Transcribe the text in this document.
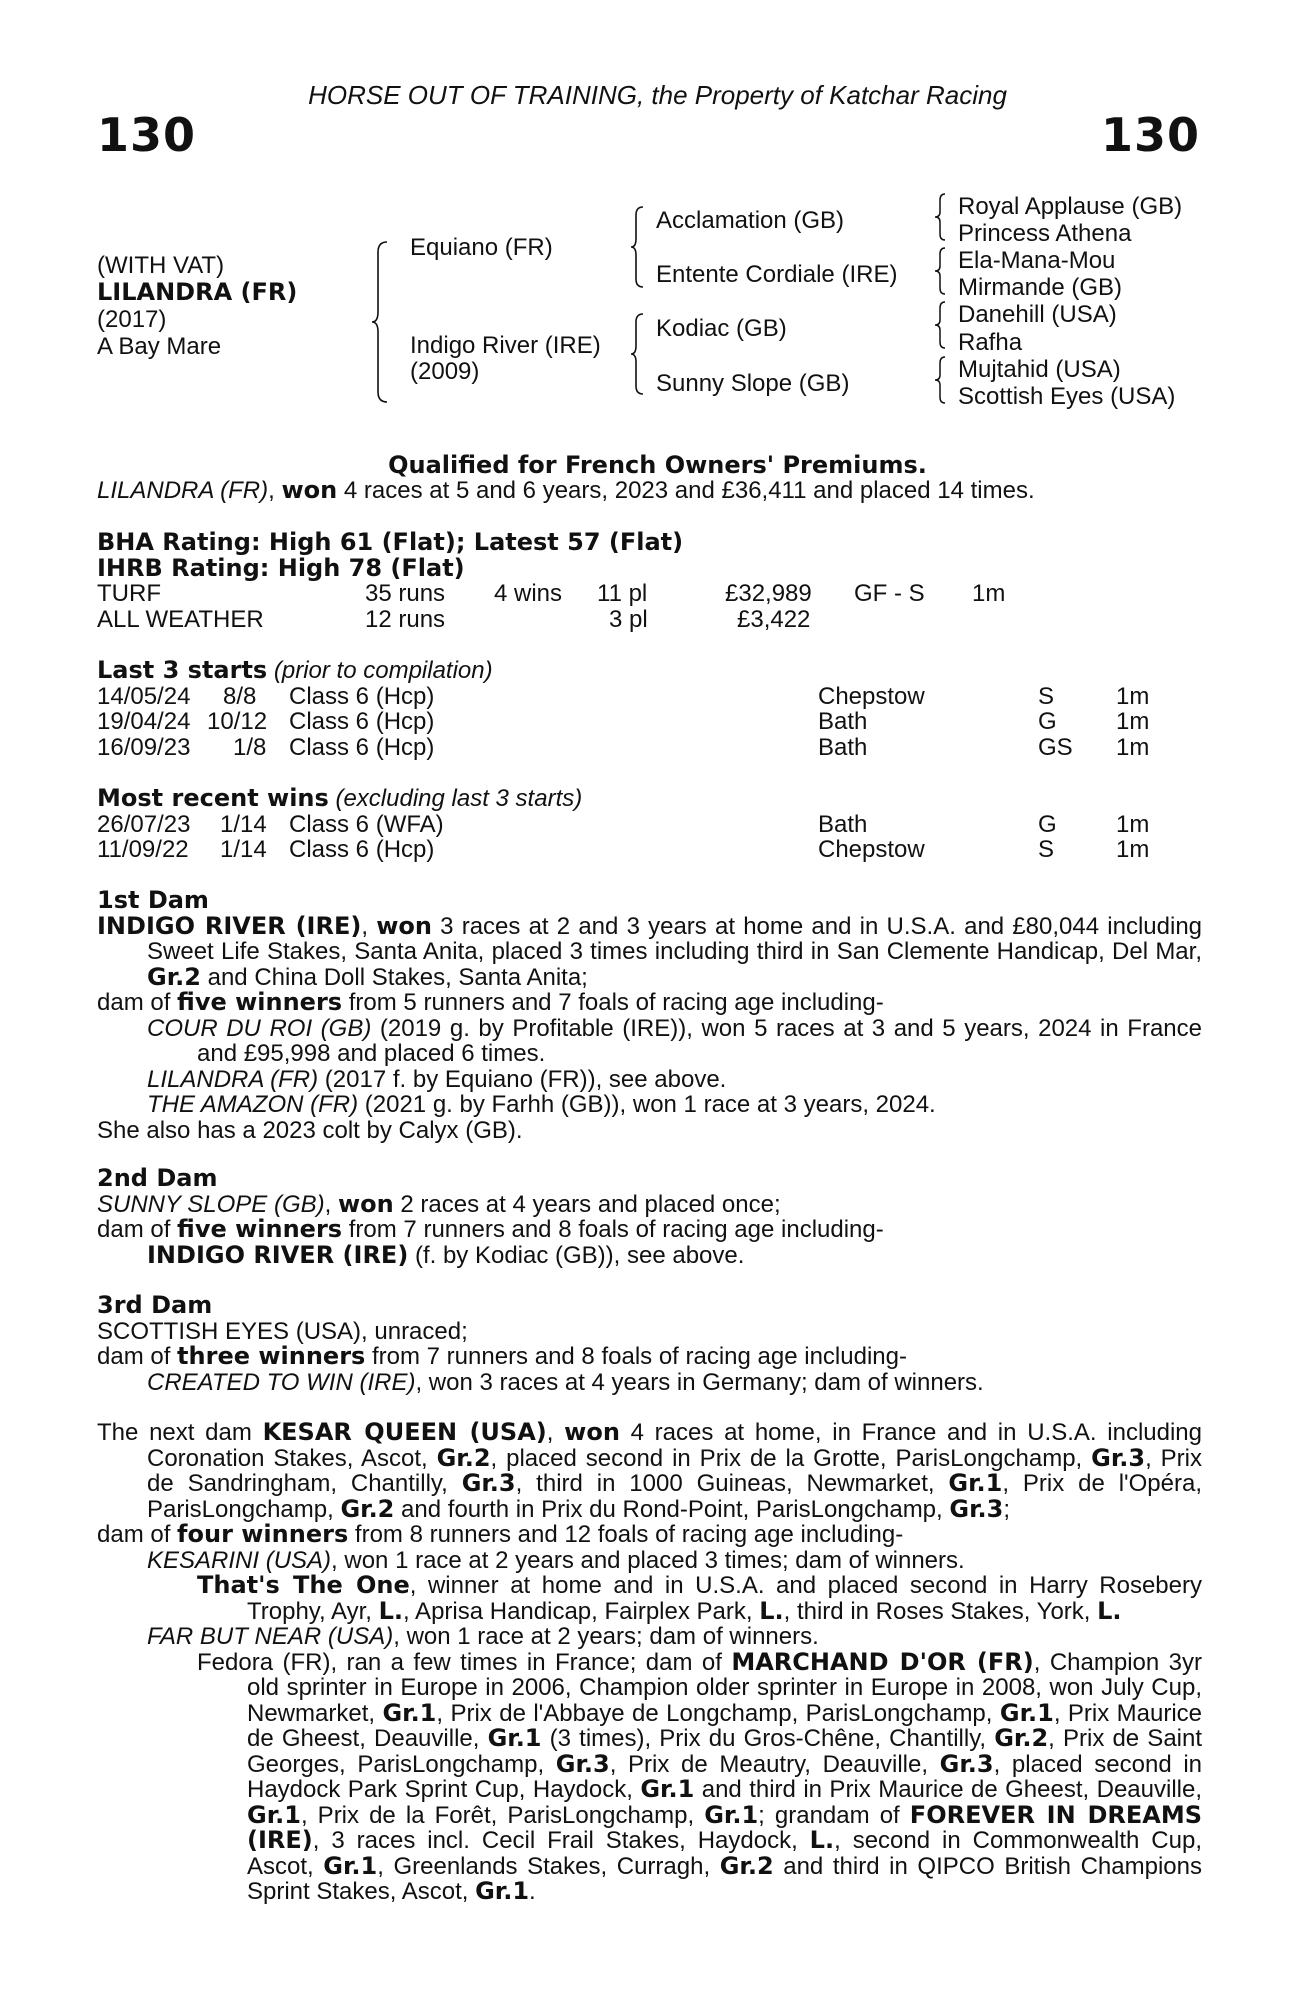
HORSE OUT OF TRAINING, the Property of Katchar Racing
130	130
(WITH VAT)
LILANDRA (FR)
(2017)
A Bay Mare
Equiano (FR)
Indigo River (IRE)
(2009)
Acclamation (GB)
Entente Cordiale (IRE)
Kodiac (GB)
Sunny Slope (GB)
Royal Applause (GB)
Princess Athena
Ela-Mana-Mou
Mirmande (GB)
Danehill (USA)
Rafha
Mujtahid (USA)
Scottish Eyes (USA)
Qualified for French Owners' Premiums.
LILANDRA (FR), won 4 races at 5 and 6 years, 2023 and £36,411 and placed 14 times.

BHA Rating: High 61 (Flat); Latest 57 (Flat)

IHRB Rating: High 78 (Flat)

TURF	35 runs 4 wins 11 pl	£32,989 GF - S 1m
ALL WEATHER	12 runs	3 pl	£3,422

Last 3 starts (prior to compilation)

14/05/24 8/8 Class 6 (Hcp)	Chepstow	S	1m
19/04/24 10/12 Class 6 (Hcp)	Bath	G 1m
16/09/23 1/8 Class 6 (Hcp)	Bath	GS 1m

Most recent wins (excluding last 3 starts)

26/07/23 1/14 Class 6 (WFA)	Bath	G 1m
11/09/22 1/14 Class 6 (Hcp)	Chepstow	S	1m

1st Dam

INDIGO RIVER (IRE), won 3 races at 2 and 3 years at home and in U.S.A. and £80,044 including Sweet Life Stakes, Santa Anita, placed 3 times including third in San Clemente Handicap, Del Mar, Gr.2 and China Doll Stakes, Santa Anita;

dam of five winners from 5 runners and 7 foals of racing age including-

COUR DU ROI (GB) (2019 g. by Profitable (IRE)), won 5 races at 3 and 5 years, 2024 in France and £95,998 and placed 6 times.

LILANDRA (FR) (2017 f. by Equiano (FR)), see above.

THE AMAZON (FR) (2021 g. by Farhh (GB)), won 1 race at 3 years, 2024.

She also has a 2023 colt by Calyx (GB).

2nd Dam

SUNNY SLOPE (GB), won 2 races at 4 years and placed once;

dam of five winners from 7 runners and 8 foals of racing age including-

INDIGO RIVER (IRE) (f. by Kodiac (GB)), see above.

3rd Dam

SCOTTISH EYES (USA), unraced;

dam of three winners from 7 runners and 8 foals of racing age including-

CREATED TO WIN (IRE), won 3 races at 4 years in Germany; dam of winners.

The next dam KESAR QUEEN (USA), won 4 races at home, in France and in U.S.A. including Coronation Stakes, Ascot, Gr.2, placed second in Prix de la Grotte, ParisLongchamp, Gr.3, Prix de Sandringham, Chantilly, Gr.3, third in 1000 Guineas, Newmarket, Gr.1, Prix de l'Opéra, ParisLongchamp, Gr.2 and fourth in Prix du Rond-Point, ParisLongchamp, Gr.3;

dam of four winners from 8 runners and 12 foals of racing age including-

KESARINI (USA), won 1 race at 2 years and placed 3 times; dam of winners.

That's The One, winner at home and in U.S.A. and placed second in Harry Rosebery Trophy, Ayr, L., Aprisa Handicap, Fairplex Park, L., third in Roses Stakes, York, L.

FAR BUT NEAR (USA), won 1 race at 2 years; dam of winners.

Fedora (FR), ran a few times in France; dam of MARCHAND D'OR (FR), Champion 3yr old sprinter in Europe in 2006, Champion older sprinter in Europe in 2008, won July Cup, Newmarket, Gr.1, Prix de l'Abbaye de Longchamp, ParisLongchamp, Gr.1, Prix Maurice de Gheest, Deauville, Gr.1 (3 times), Prix du Gros-Chêne, Chantilly, Gr.2, Prix de Saint Georges, ParisLongchamp, Gr.3, Prix de Meautry, Deauville, Gr.3, placed second in Haydock Park Sprint Cup, Haydock, Gr.1 and third in Prix Maurice de Gheest, Deauville, Gr.1, Prix de la Forêt, ParisLongchamp, Gr.1; grandam of FOREVER IN DREAMS (IRE), 3 races incl. Cecil Frail Stakes, Haydock, L., second in Commonwealth Cup, Ascot, Gr.1, Greenlands Stakes, Curragh, Gr.2 and third in QIPCO British Champions Sprint Stakes, Ascot, Gr.1.
